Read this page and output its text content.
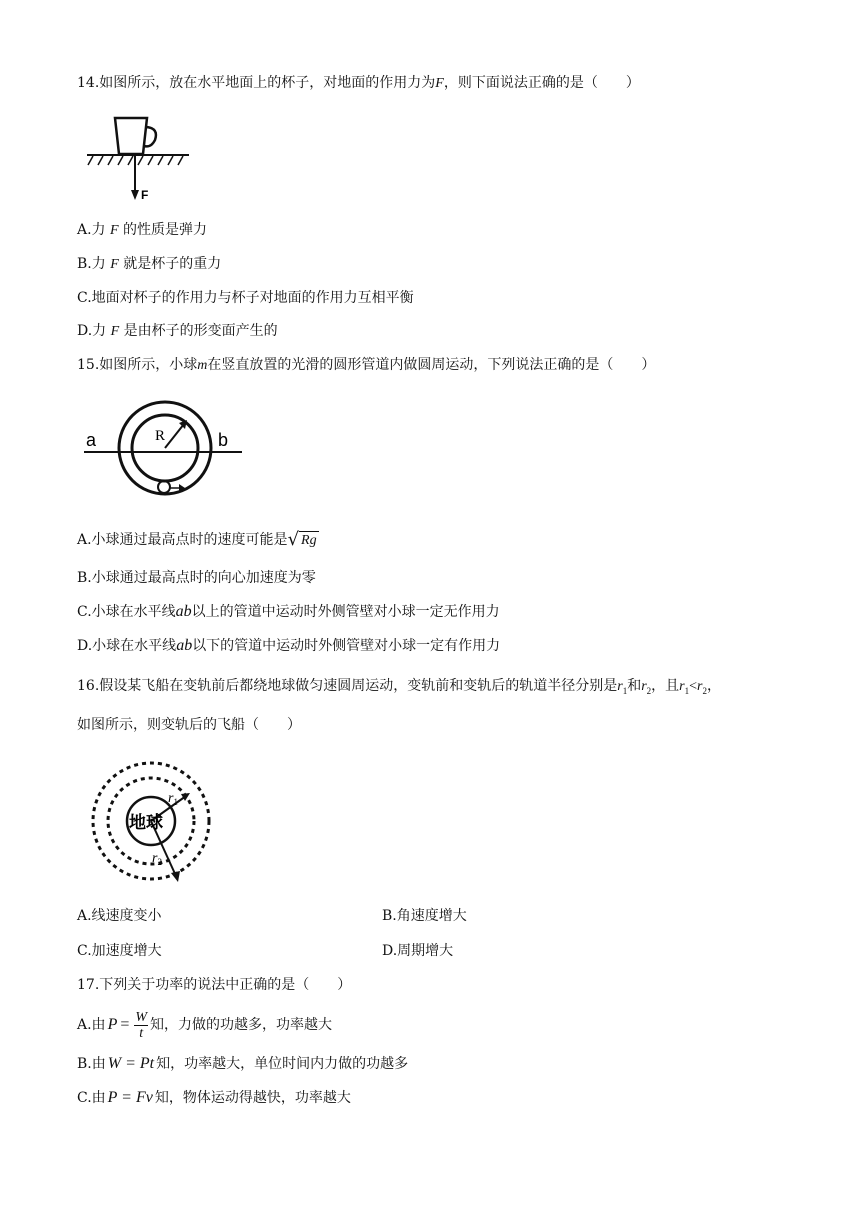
14.如图所示，放在水平地面上的杯子，对地面的作用力为F，则下面说法正确的是（　　）
F
A.力 F 的性质是弹力
B.力 F 就是杯子的重力
C.地面对杯子的作用力与杯子对地面的作用力互相平衡
D.力 F 是由杯子的形变面产生的
15.如图所示，小球m在竖直放置的光滑的圆形管道内做圆周运动，下列说法正确的是（　　）
a	b
R
A.小球通过最高点时的速度可能是√ Rg
B.小球通过最高点时的向心加速度为零
C.小球在水平线ab以上的管道中运动时外侧管壁对小球一定无作用力
D.小球在水平线ab以下的管道中运动时外侧管壁对小球一定有作用力
16.假设某飞船在变轨前后都绕地球做匀速圆周运动，变轨前和变轨后的轨道半径分别是$r_1$和$r_2$，且$r_1<r_2$，
如图所示，则变轨后的飞船（　　）
地球
$r_1$
$r_2$
A.线速度变小	B.角速度增大
C.加速度增大	D.周期增大
17.下列关于功率的说法中正确的是（　　）
A.由 $P = \frac{W}{t}$ 知，力做的功越多，功率越大
B.由 W = Pt 知，功率越大，单位时间内力做的功越多
C.由 P = Fv 知，物体运动得越快，功率越大
